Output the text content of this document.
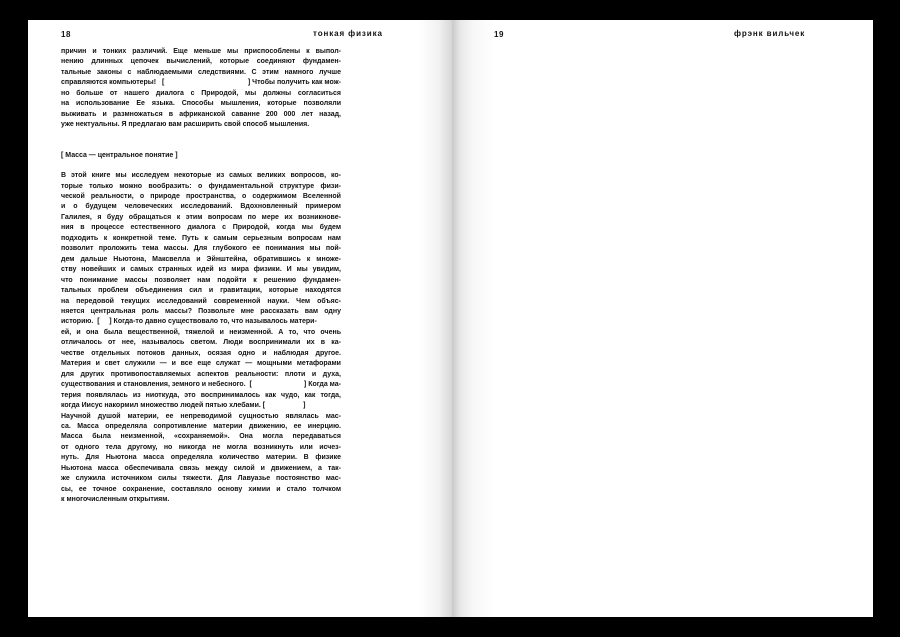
18	тонкая физика
причин и тонких различий. Еще меньше мы приспособлены к выпол-
нению длинных цепочек вычислений, которые соединяют фундамен-
тальные законы с наблюдаемыми следствиями. С этим намного лучше
справляются компьютеры!   [	] Чтобы получить как мож-
но больше от нашего диалога с Природой, мы должны согласиться
на использование Ее языка. Способы мышления, которые позволяли
выживать и размножаться в африканской саванне 200 000 лет назад,
уже нектуальны. Я предлагаю вам расширить свой способ мышления.
[ Масса — центральное понятие ]
В этой книге мы исследуем некоторые из самых великих вопросов, ко-
торые только можно вообразить: о фундаментальной структуре физи-
ческой реальности, о природе пространства, о содержимом Вселенной
и о будущем человеческих исследований. Вдохновленный примером
Галилея, я буду обращаться к этим вопросам по мере их возникнове-
ния в процессе естественного диалога с Природой, когда мы будем
подходить к конкретной теме. Путь к самым серьезным вопросам нам
позволит проложить тема массы. Для глубокого ее понимания мы пой-
дем дальше Ньютона, Максвелла и Эйнштейна, обратившись к множе-
ству новейших и самых странных идей из мира физики. И мы увидим,
что понимание массы позволяет нам подойти к решению фундамен-
тальных проблем объединения сил и гравитации, которые находятся
на передовой текущих исследований современной науки. Чем объяс-
няется центральная роль массы? Позвольте мне рассказать вам одну
историю.  [     ] Когда-то давно существовало то, что называлось матери-
ей, и она была вещественной, тяжелой и неизменной. А то, что очень
отличалось от нее, называлось светом. Люди воспринимали их в ка-
честве отдельных потоков данных, осязая одно и наблюдая другое.
Материя и свет служили — и все еще служат — мощными метафорами
для других противопоставляемых аспектов реальности: плоти и духа,
существования и становления, земного и небесного.  [	] Когда ма-
терия появлялась из ниоткуда, это воспринималось как чудо, как тогда,
когда Иисус накормил множество людей пятью хлебами. [	]
Научной душой материи, ее непреводимой сущностью являлась мас-
са. Масса определяла сопротивление материи движению, ее инерцию.
Масса была неизменной, «сохраняемой». Она могла передаваться
от одного тела другому, но никогда не могла возникнуть или исчез-
нуть. Для Ньютона масса определяла количество материи. В физике
Ньютона масса обеспечивала связь между силой и движением, а так-
же служила источником силы тяжести. Для Лавуазье постоянство мас-
сы, ее точное сохранение, составляло основу химии и стало толчком
к многочисленным открытиям.
19	фрэнк вильчек
